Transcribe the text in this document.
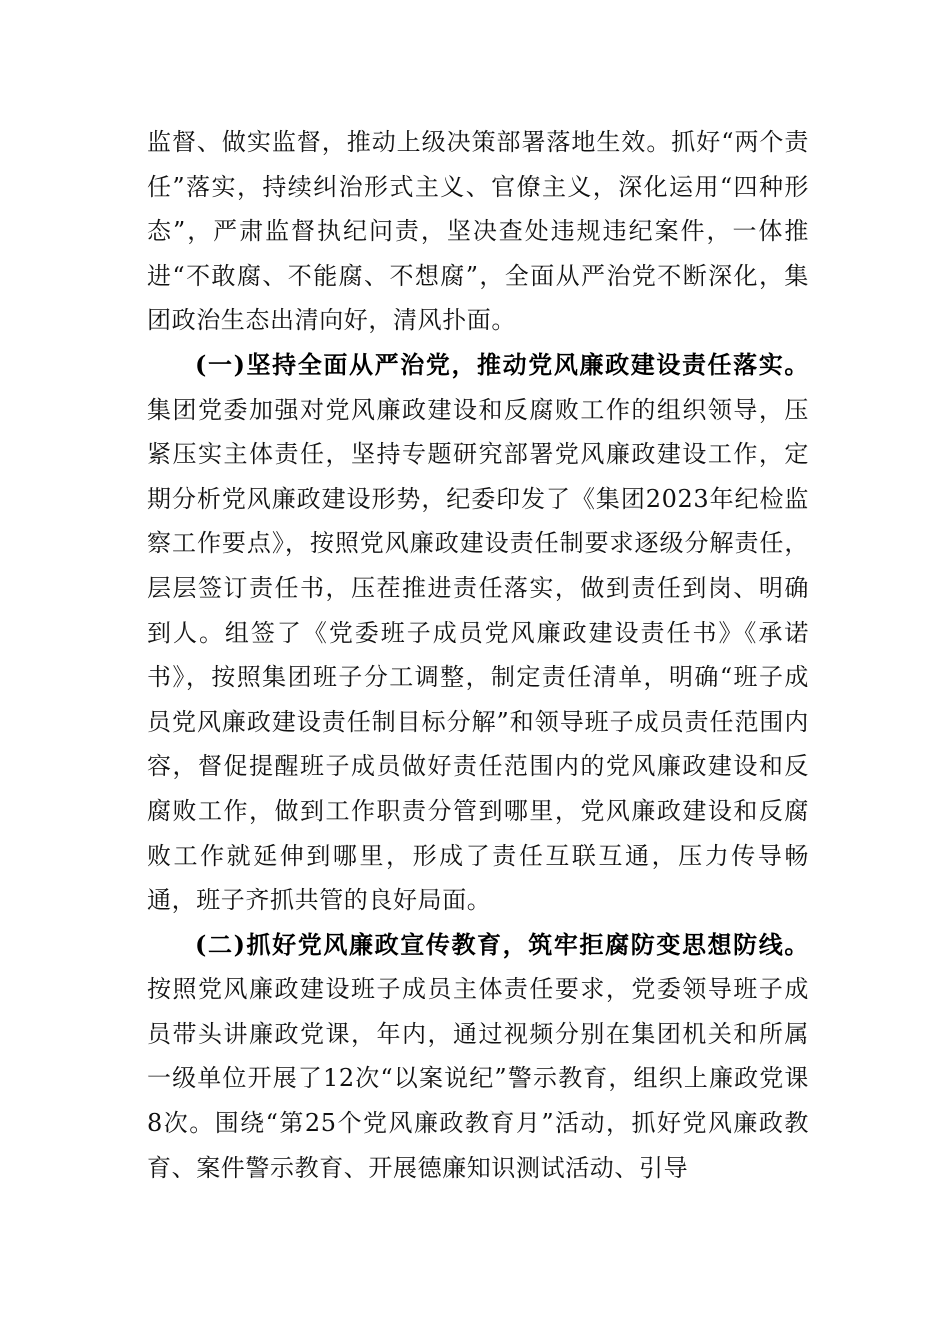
监督、做实监督，推动上级决策部署落地生效。抓好“两个责任”落实，持续纠治形式主义、官僚主义，深化运用“四种形态”，严肃监督执纪问责，坚决查处违规违纪案件，一体推进“不敢腐、不能腐、不想腐”，全面从严治党不断深化，集团政治生态出清向好，清风扑面。

(一)坚持全面从严治党，推动党风廉政建设责任落实。集团党委加强对党风廉政建设和反腐败工作的组织领导，压紧压实主体责任，坚持专题研究部署党风廉政建设工作，定期分析党风廉政建设形势，纪委印发了《集团2023年纪检监察工作要点》，按照党风廉政建设责任制要求逐级分解责任，层层签订责任书，压茬推进责任落实，做到责任到岗、明确到人。组签了《党委班子成员党风廉政建设责任书》《承诺书》，按照集团班子分工调整，制定责任清单，明确“班子成员党风廉政建设责任制目标分解”和领导班子成员责任范围内容，督促提醒班子成员做好责任范围内的党风廉政建设和反腐败工作，做到工作职责分管到哪里，党风廉政建设和反腐败工作就延伸到哪里，形成了责任互联互通，压力传导畅通，班子齐抓共管的良好局面。

(二)抓好党风廉政宣传教育，筑牢拒腐防变思想防线。按照党风廉政建设班子成员主体责任要求，党委领导班子成员带头讲廉政党课，年内，通过视频分别在集团机关和所属一级单位开展了12次“以案说纪”警示教育，组织上廉政党课8次。围绕“第25个党风廉政教育月”活动，抓好党风廉政教育、案件警示教育、开展德廉知识测试活动、引导
